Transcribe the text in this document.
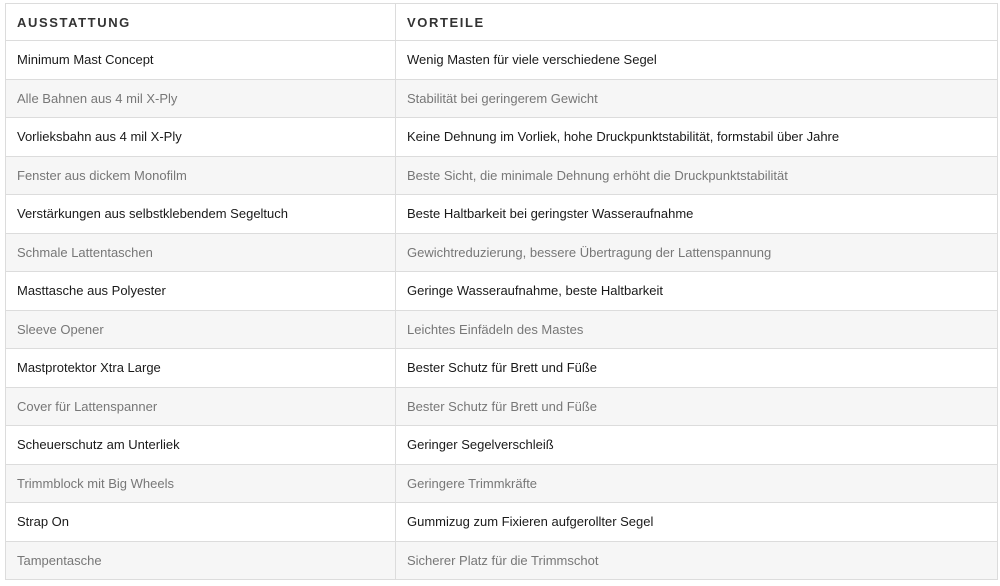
AUSSTATTUNG	VORTEILE
Minimum Mast Concept	Wenig Masten für viele verschiedene Segel
Alle Bahnen aus 4 mil X-Ply	Stabilität bei geringerem Gewicht
Vorlieksbahn aus 4 mil X-Ply	Keine Dehnung im Vorliek, hohe Druckpunktstabilität, formstabil über Jahre
Fenster aus dickem Monofilm	Beste Sicht, die minimale Dehnung erhöht die Druckpunktstabilität
Verstärkungen aus selbstklebendem Segeltuch	Beste Haltbarkeit bei geringster Wasseraufnahme
Schmale Lattentaschen	Gewichtreduzierung, bessere Übertragung der Lattenspannung
Masttasche aus Polyester	Geringe Wasseraufnahme, beste Haltbarkeit
Sleeve Opener	Leichtes Einfädeln des Mastes
Mastprotektor Xtra Large	Bester Schutz für Brett und Füße
Cover für Lattenspanner	Bester Schutz für Brett und Füße
Scheuerschutz am Unterliek	Geringer Segelverschleiß
Trimmblock mit Big Wheels	Geringere Trimmkräfte
Strap On	Gummizug zum Fixieren aufgerollter Segel
Tampentasche	Sicherer Platz für die Trimmschot
